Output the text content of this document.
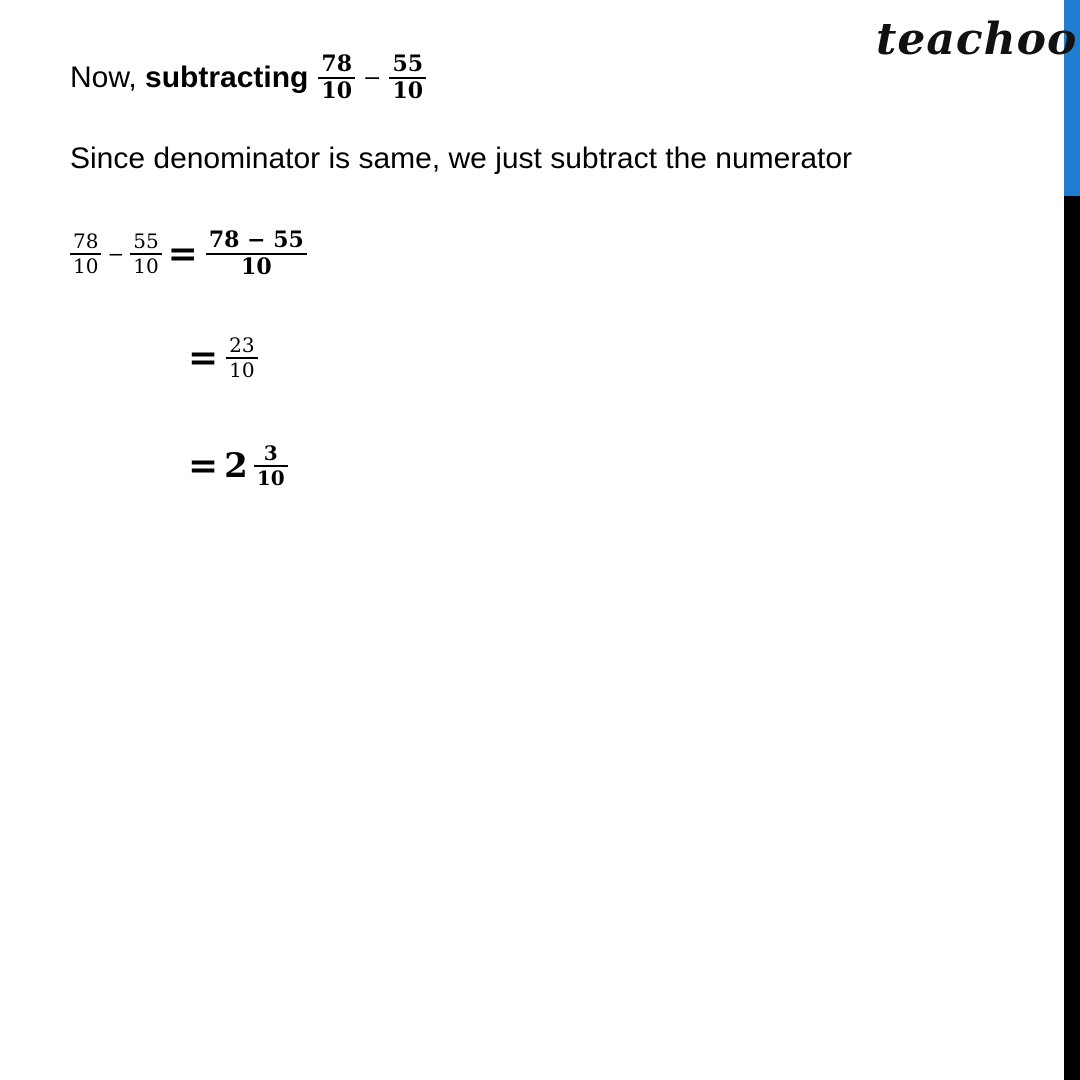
teachoo
Now, subtracting $\frac{78}{10} - \frac{55}{10}$
Since denominator is same, we just subtract the numerator
$\frac{78}{10} - \frac{55}{10} = \frac{78 - 55}{10}$
= $\frac{23}{10}$
= $2 \frac{3}{10}$
